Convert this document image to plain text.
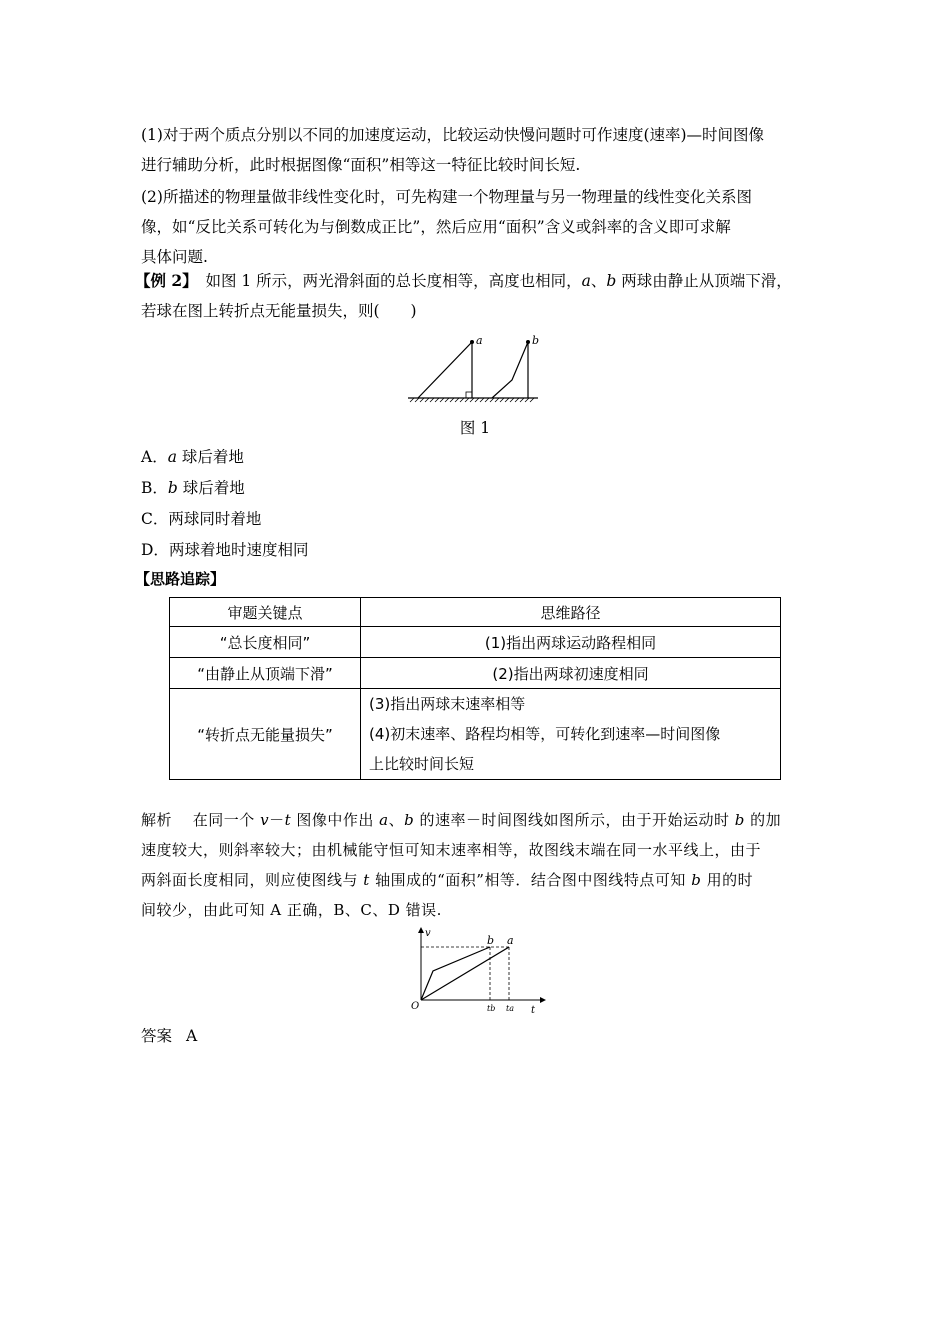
(1)对于两个质点分别以不同的加速度运动，比较运动快慢问题时可作速度(速率)—时间图像
进行辅助分析，此时根据图像“面积”相等这一特征比较时间长短.
(2)所描述的物理量做非线性变化时，可先构建一个物理量与另一物理量的线性变化关系图
像，如“反比关系可转化为与倒数成正比”，然后应用“面积”含义或斜率的含义即可求解
具体问题.
【例 2】　如图 1 所示，两光滑斜面的总长度相等，高度也相同，a、b 两球由静止从顶端下滑，
若球在图上转折点无能量损失，则(　　)
a	b
图 1
A．a 球后着地
B．b 球后着地
C．两球同时着地
D．两球着地时速度相同
【思路追踪】
审题关键点	思维路径
“总长度相同”	(1)指出两球运动路程相同
“由静止从顶端下滑”	(2)指出两球初速度相同
“转折点无能量损失”	(3)指出两球末速率相等
(4)初末速率、路程均相等，可转化到速率—时间图像
上比较时间长短
解析 　在同一个 v－t 图像中作出 a、b 的速率－时间图线如图所示，由于开始运动时 b 的加
速度较大，则斜率较大；由机械能守恒可知末速率相等，故图线末端在同一水平线上，由于
两斜面长度相同，则应使图线与 t 轴围成的“面积”相等．结合图中图线特点可知 b 用的时
间较少，由此可知 A 正确，B、C、D 错误.
v
t
O
b a
tb ta
答案 A
